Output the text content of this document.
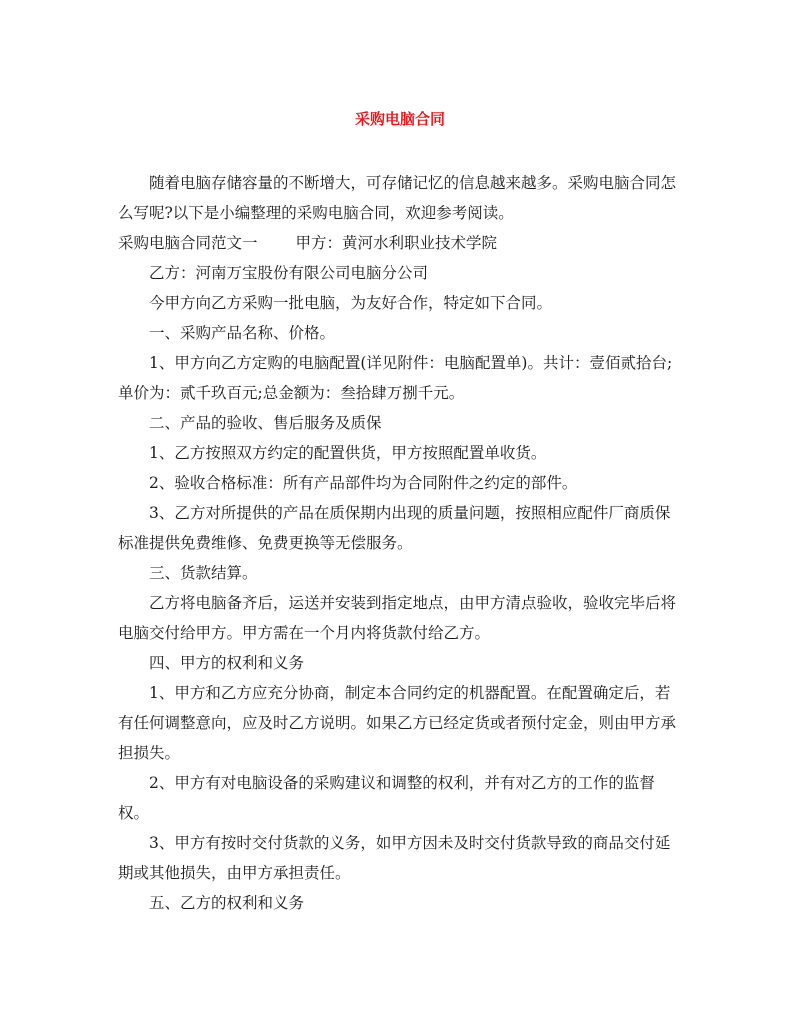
采购电脑合同

随着电脑存储容量的不断增大，可存储记忆的信息越来越多。采购电脑合同怎么写呢?以下是小编整理的采购电脑合同，欢迎参考阅读。

采购电脑合同范文一 甲方：黄河水利职业技术学院

乙方：河南万宝股份有限公司电脑分公司

今甲方向乙方采购一批电脑，为友好合作，特定如下合同。

一、采购产品名称、价格。

1、甲方向乙方定购的电脑配置(详见附件：电脑配置单)。共计：壹佰贰拾台;单价为：贰千玖百元;总金额为：叁拾肆万捌千元。

二、产品的验收、售后服务及质保

1、乙方按照双方约定的配置供货，甲方按照配置单收货。

2、验收合格标准：所有产品部件均为合同附件之约定的部件。

3、乙方对所提供的产品在质保期内出现的质量问题，按照相应配件厂商质保标准提供免费维修、免费更换等无偿服务。

三、货款结算。

乙方将电脑备齐后，运送并安装到指定地点，由甲方清点验收，验收完毕后将电脑交付给甲方。甲方需在一个月内将货款付给乙方。

四、甲方的权利和义务

1、甲方和乙方应充分协商，制定本合同约定的机器配置。在配置确定后，若有任何调整意向，应及时乙方说明。如果乙方已经定货或者预付定金，则由甲方承担损失。

2、甲方有对电脑设备的采购建议和调整的权利，并有对乙方的工作的监督权。

3、甲方有按时交付货款的义务，如甲方因未及时交付货款导致的商品交付延期或其他损失，由甲方承担责任。

五、乙方的权利和义务
